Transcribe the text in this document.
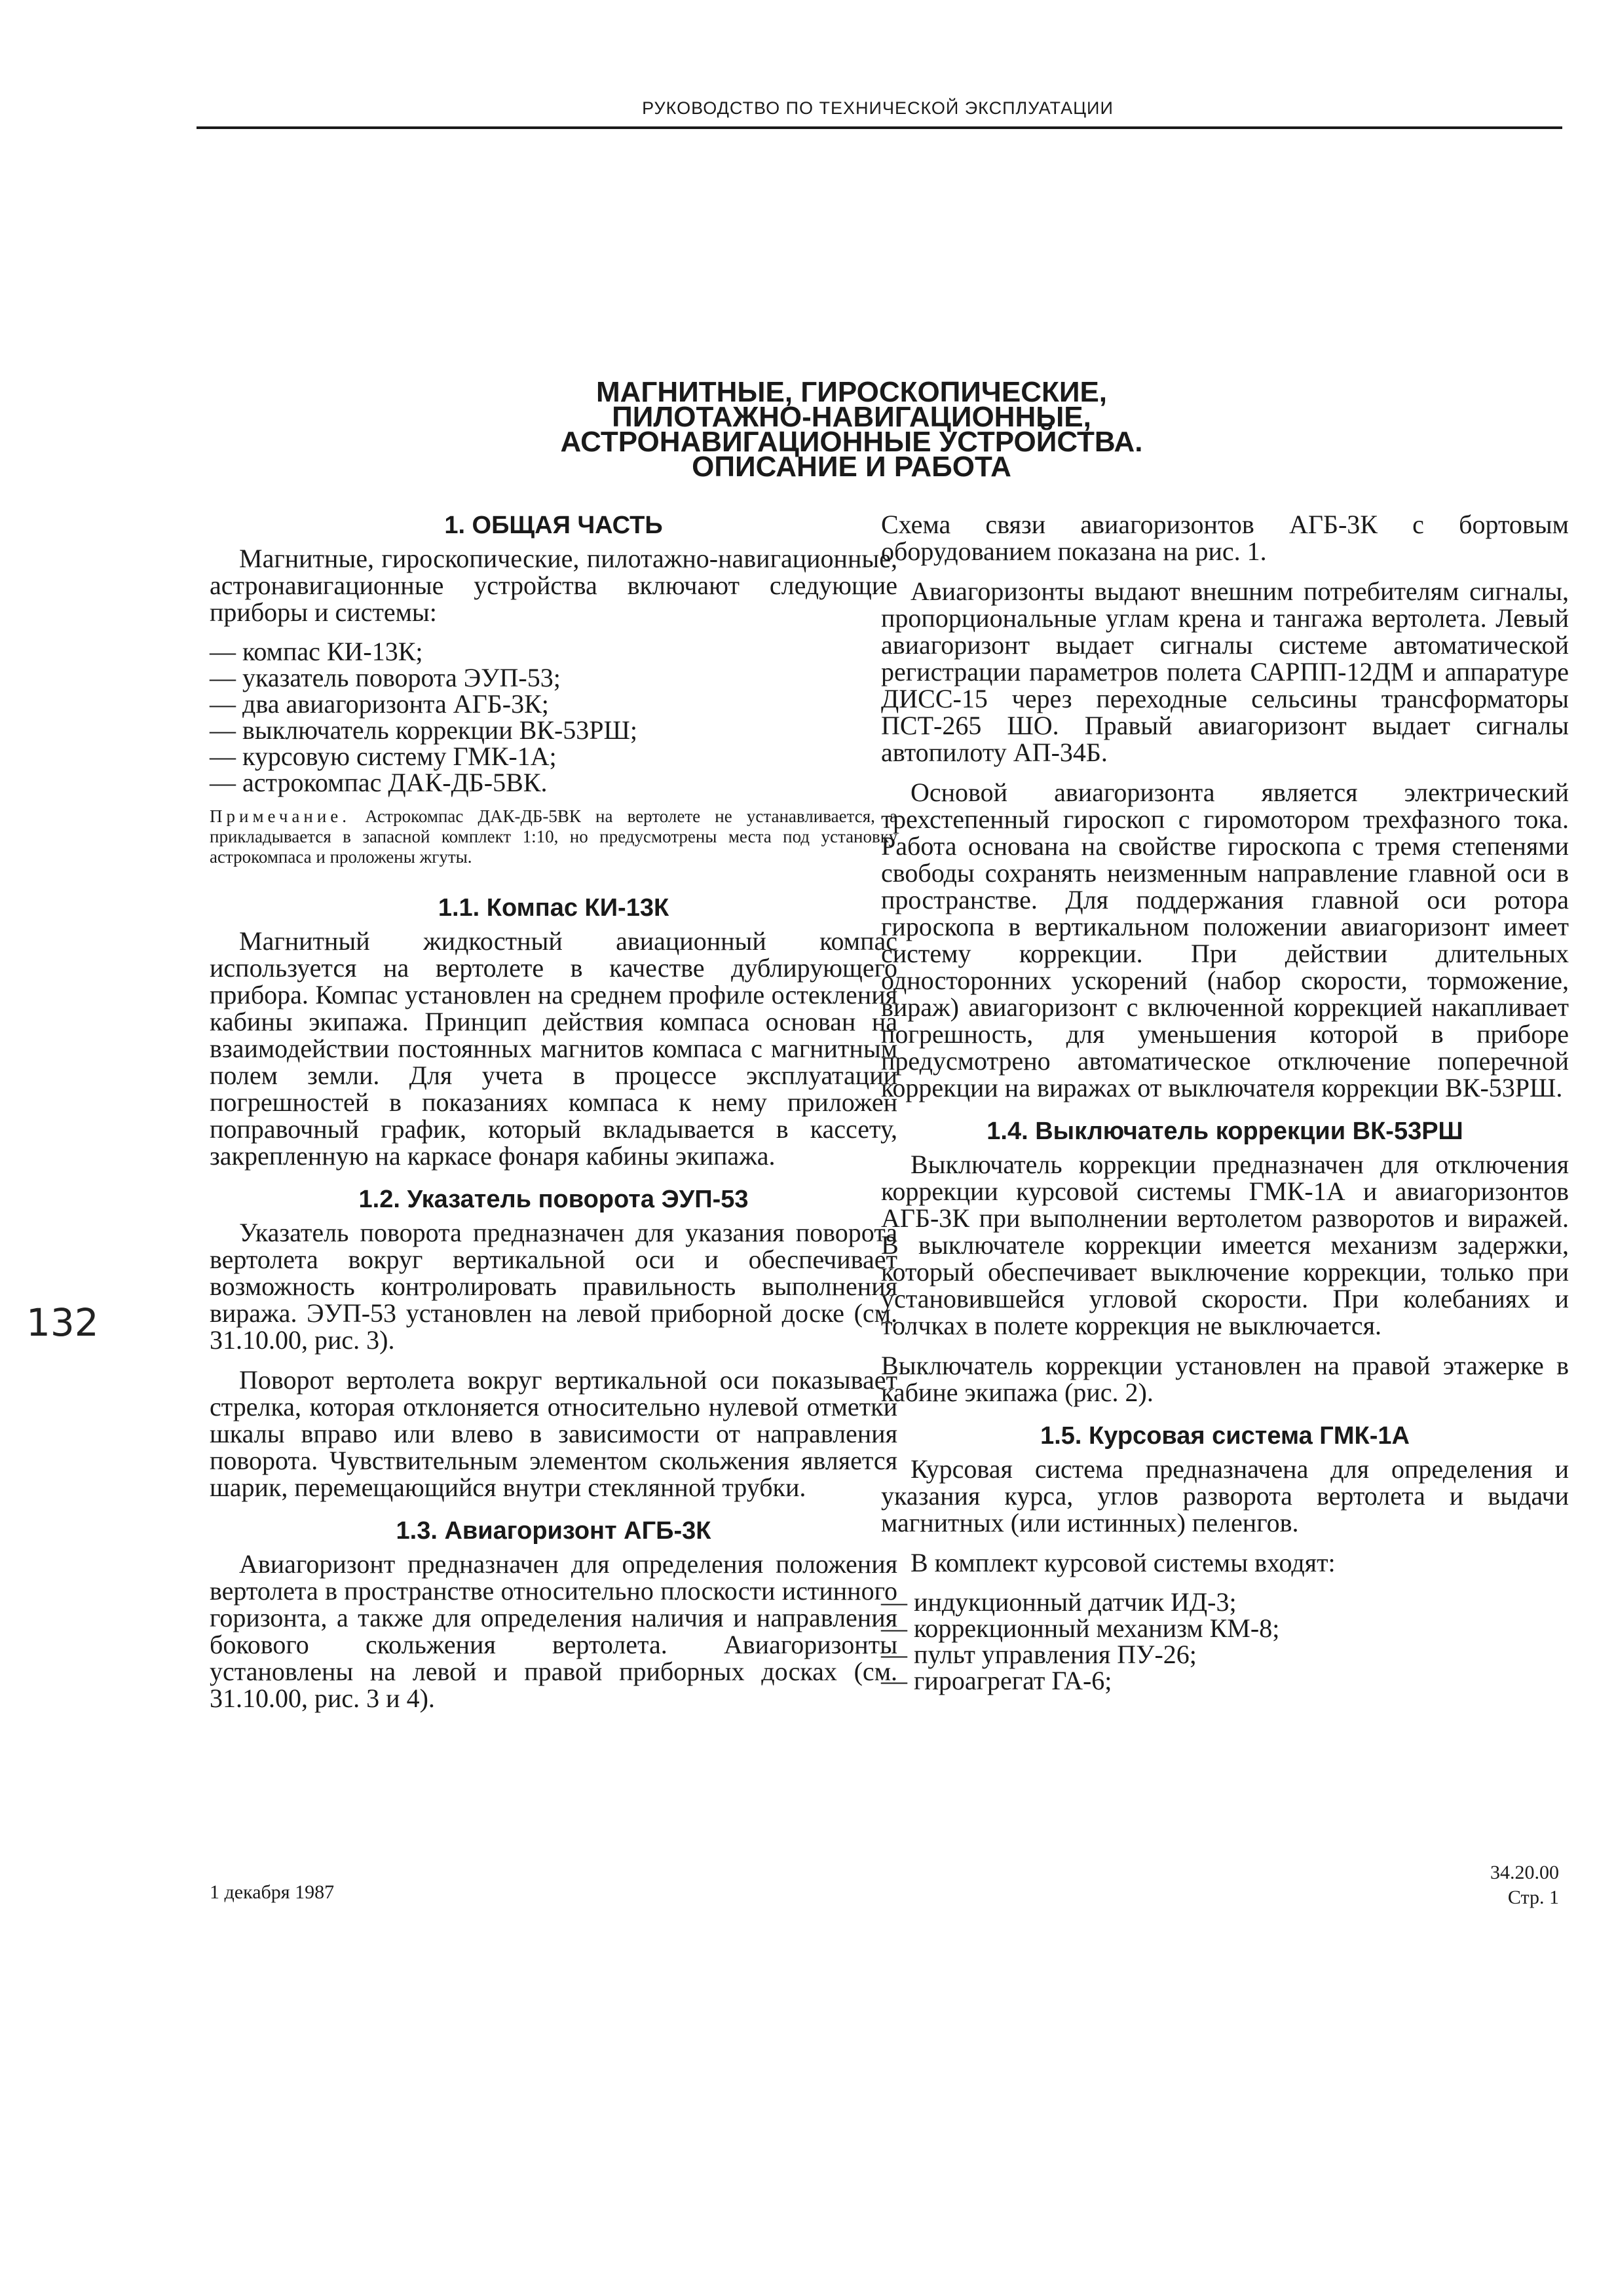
РУКОВОДСТВО ПО ТЕХНИЧЕСКОЙ ЭКСПЛУАТАЦИИ
МАГНИТНЫЕ, ГИРОСКОПИЧЕСКИЕ,
ПИЛОТАЖНО-НАВИГАЦИОННЫЕ,
АСТРОНАВИГАЦИОННЫЕ УСТРОЙСТВА.
ОПИСАНИЕ И РАБОТА
1. ОБЩАЯ ЧАСТЬ

Магнитные, гироскопические, пилотажно-навигационные, астронавигационные устройства включают следующие приборы и системы:

— компас КИ-13К;
— указатель поворота ЭУП-53;
— два авиагоризонта АГБ-3К;
— выключатель коррекции ВК-53РШ;
— курсовую систему ГМК-1А;
— астрокомпас ДАК-ДБ-5ВК.
Примечание. Астрокомпас ДАК-ДБ-5ВК на вертолете не устанавливается, а прикладывается в запасной комплект 1:10, но предусмотрены места под установку астрокомпаса и проложены жгуты.
1.1. Компас КИ-13К

Магнитный жидкостный авиационный компас используется на вертолете в качестве дублирующего прибора. Компас установлен на среднем профиле остекления кабины экипажа. Принцип действия компаса основан на взаимодействии постоянных магнитов компаса с магнитным полем земли. Для учета в процессе эксплуатации погрешностей в показаниях компаса к нему приложен поправочный график, который вкладывается в кассету, закрепленную на каркасе фонаря кабины экипажа.

1.2. Указатель поворота ЭУП-53

Указатель поворота предназначен для указания поворота вертолета вокруг вертикальной оси и обеспечивает возможность контролировать правильность выполнения виража. ЭУП-53 установлен на левой приборной доске (см. 31.10.00, рис. 3).

Поворот вертолета вокруг вертикальной оси показывает стрелка, которая отклоняется относительно нулевой отметки шкалы вправо или влево в зависимости от направления поворота. Чувствительным элементом скольжения является шарик, перемещающийся внутри стеклянной трубки.

1.3. Авиагоризонт АГБ-3К

Авиагоризонт предназначен для определения положения вертолета в пространстве относительно плоскости истинного горизонта, а также для определения наличия и направления бокового скольжения вертолета. Авиагоризонты установлены на левой и правой приборных досках (см. 31.10.00, рис. 3 и 4).

Схема связи авиагоризонтов АГБ-3К с бортовым оборудованием показана на рис. 1.

Авиагоризонты выдают внешним потребителям сигналы, пропорциональные углам крена и тангажа вертолета. Левый авиагоризонт выдает сигналы системе автоматической регистрации параметров полета САРПП-12ДМ и аппаратуре ДИСС-15 через переходные сельсины трансформаторы ПСТ-265 ШО. Правый авиагоризонт выдает сигналы автопилоту АП-34Б.

Основой авиагоризонта является электрический трехстепенный гироскоп с гиромотором трехфазного тока. Работа основана на свойстве гироскопа с тремя степенями свободы сохранять неизменным направление главной оси в пространстве. Для поддержания главной оси ротора гироскопа в вертикальном положении авиагоризонт имеет систему коррекции. При действии длительных односторонних ускорений (набор скорости, торможение, вираж) авиагоризонт с включенной коррекцией накапливает погрешность, для уменьшения которой в приборе предусмотрено автоматическое отключение поперечной коррекции на виражах от выключателя коррекции ВК-53РШ.

1.4. Выключатель коррекции ВК-53РШ

Выключатель коррекции предназначен для отключения коррекции курсовой системы ГМК-1А и авиагоризонтов АГБ-3К при выполнении вертолетом разворотов и виражей. В выключателе коррекции имеется механизм задержки, который обеспечивает выключение коррекции, только при установившейся угловой скорости. При колебаниях и толчках в полете коррекция не выключается.

Выключатель коррекции установлен на правой этажерке в кабине экипажа (рис. 2).

1.5. Курсовая система ГМК-1А

Курсовая система предназначена для определения и указания курса, углов разворота вертолета и выдачи магнитных (или истинных) пеленгов.

В комплект курсовой системы входят:

— индукционный датчик ИД-3;
— коррекционный механизм КМ-8;
— пульт управления ПУ-26;
— гироагрегат ГА-6;
132
1 декабря 1987
34.20.00
Стр. 1
